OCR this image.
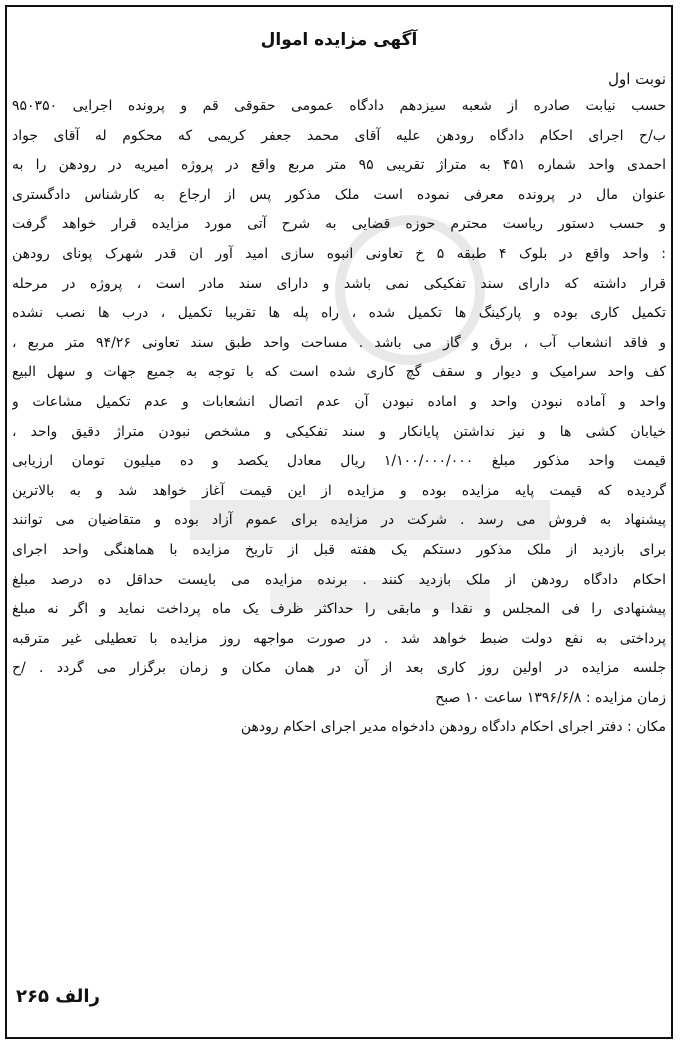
آگهی مزایده اموال
نوبت اول
حسب نیابت صادره از شعبه سیزدهم دادگاه عمومی حقوقی قم و پرونده اجرایی ۹۵۰۳۵۰
ب/ح اجرای احکام دادگاه رودهن علیه آقای محمد جعفر کریمی که محکوم له آقای جواد
احمدی واحد شماره ۴۵۱ به متراژ تقریبی ۹۵ متر مربع واقع در پروژه امیریه در رودهن را به
عنوان مال در پرونده معرفی نموده است ملک مذکور پس از ارجاع به کارشناس دادگستری
و حسب دستور ریاست محترم حوزه قضایی به شرح آتی مورد مزایده قرار خواهد گرفت
: واحد واقع در بلوک ۴ طبقه ۵ خ تعاونی انبوه سازی امید آور ان قدر شهرک پونای رودهن
قرار داشته که دارای سند تفکیکی نمی باشد و دارای سند مادر است ، پروژه در مرحله
تکمیل کاری بوده و پارکینگ ها تکمیل شده ، راه پله ها تقریبا تکمیل ، درب ها نصب نشده
و فاقد انشعاب آب ، برق و گاز می باشد . مساحت واحد طبق سند تعاونی ۹۴/۲۶ متر مربع ،
کف واحد سرامیک و دیوار و سقف گچ کاری شده است که با توجه به جمیع جهات و سهل البیع
واحد و آماده نبودن واحد و اماده نبودن آن عدم اتصال انشعابات و عدم تکمیل مشاعات و
خیابان کشی ها و نیز نداشتن پایانکار و سند تفکیکی و مشخص نبودن متراژ دقیق واحد ،
قیمت واحد مذکور مبلغ ۱/۱۰۰/۰۰۰/۰۰۰ ریال معادل یکصد و ده میلیون تومان ارزیابی
گردیده که قیمت پایه مزایده بوده و مزایده از این قیمت آغاز خواهد شد و به بالاترین
پیشنهاد به فروش می رسد . شرکت در مزایده برای عموم آزاد بوده و متقاضیان می توانند
برای بازدید از ملک مذکور دستکم یک هفته قبل از تاریخ مزایده با هماهنگی واحد اجرای
احکام دادگاه رودهن از ملک بازدید کنند . برنده مزایده می بایست حداقل ده درصد مبلغ
پیشنهادی را فی المجلس و نقدا و مابقی را حداکثر ظرف یک ماه پرداخت نماید و اگر نه مبلغ
پرداختی به نفع دولت ضبط خواهد شد . در صورت مواجهه روز مزایده با تعطیلی غیر مترقبه
جلسه مزایده در اولین روز کاری بعد از آن در همان مکان و زمان برگزار می گردد . /ح
زمان مزایده : ۱۳۹۶/۶/۸ ساعت ۱۰ صبح
مکان : دفتر اجرای احکام دادگاه رودهن دادخواه مدیر اجرای احکام رودهن
رالف ۲۶۵
